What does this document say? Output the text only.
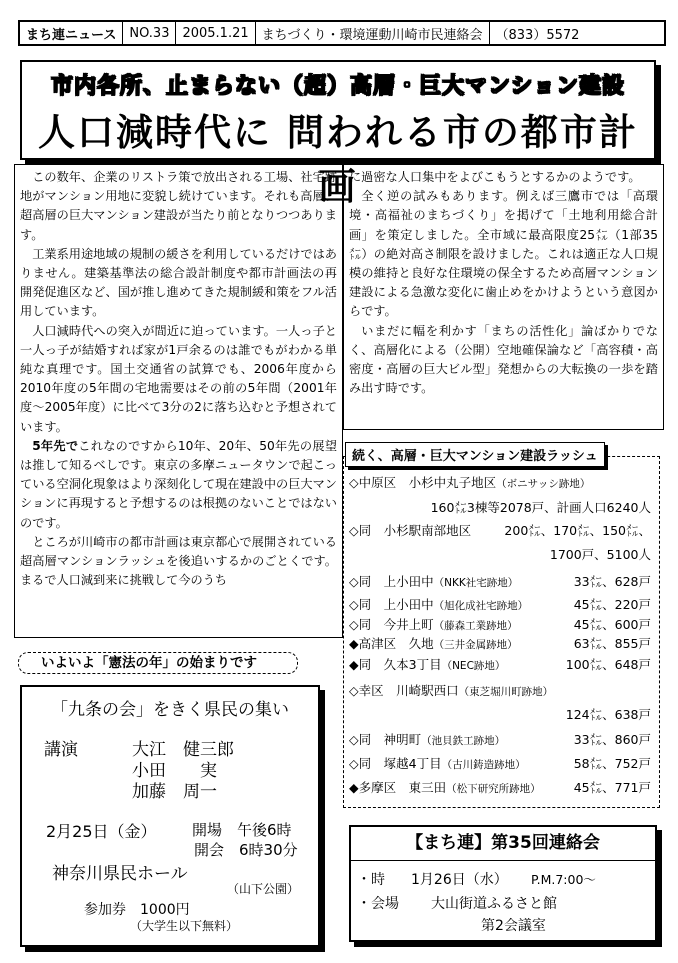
まち連ニュース	NO.33	2005.1.21	まちづくり・環境運動川崎市民連絡会	（833）5572
市内各所、止まらない（超）高層・巨大マンション建設
人口減時代に 問われる市の都市計画

この数年、企業のリストラ策で放出される工場、社宅跡地がマンション用地に変貌し続けています。それも高層、超高層の巨大マンション建設が当たり前となりつつあります。

工業系用途地域の規制の緩さを利用しているだけではありません。建築基準法の総合設計制度や都市計画法の再開発促進区など、国が推し進めてきた規制緩和策をフル活用しています。

人口減時代への突入が間近に迫っています。一人っ子と一人っ子が結婚すれば家が1戸余るのは誰でもがわかる単純な真理です。国土交通省の試算でも、2006年度から2010年度の5年間の宅地需要はその前の5年間（2001年度～2005年度）に比べて3分の2に落ち込むと予想されています。

5年先でこれなのですから10年、20年、50年先の展望は推して知るべしです。東京の多摩ニュータウンで起こっている空洞化現象はより深刻化して現在建設中の巨大マンションに再現すると予想するのは根拠のないことではないのです。

ところが川崎市の都市計画は東京都心で展開されている超高層マンションラッシュを後追いするかのごとくです。まるで人口減到来に挑戦して今のうち

に過密な人口集中をよびこもうとするかのようです。

全く逆の試みもあります。例えば三鷹市では「高環境・高福祉のまちづくり」を掲げて「土地利用総合計画」を策定しました。全市域に最高限度25㍍（1部35㍍）の絶対高さ制限を設けました。これは適正な人口規模の維持と良好な住環境の保全するため高層マンション建設による急激な変化に歯止めをかけようという意図からです。

いまだに幅を利かす「まちの活性化」論ばかりでなく、高層化による（公開）空地確保論など「高容積・高密度・高層の巨大ビル型」発想からの大転換の一歩を踏み出す時です。

続く、高層・巨大マンション建設ラッシュ
◇中原区　小杉中丸子地区（ボニサッシ跡地）
160㍍3棟等2078戸、計画人口6240人
◇同　小杉駅南部地区	200㍍、170㍍、150㍍、
1700戸、5100人
◇同　上小田中（NKK社宅跡地）	33㍍、628戸
◇同　上小田中（旭化成社宅跡地）	45㍍、220戸
◇同　今井上町（藤森工業跡地）	45㍍、600戸
◆高津区　久地（三井金属跡地）	63㍍、855戸
◆同　久本3丁目（NEC跡地）	100㍍、648戸
◇幸区　川崎駅西口（東芝堀川町跡地）
124㍍、638戸
◇同　神明町（池貝鉄工跡地）	33㍍、860戸
◇同　塚越4丁目（古川鋳造跡地）	58㍍、752戸
◆多摩区　東三田（松下研究所跡地）	45㍍、771戸
いよいよ「憲法の年」の始まりです
「九条の会」をきく県民の集い
講演	大江　健三郎
小田　　実
加藤　周一
2月25日（金） 開場　午後6時
開会　6時30分
神奈川県民ホール
（山下公園）
参加券　1000円
（大学生以下無料）
【まち連】第35回連絡会
・時 1月26日（水） P.M.7:00～
・会場 大山街道ふるさと館
第2会議室
